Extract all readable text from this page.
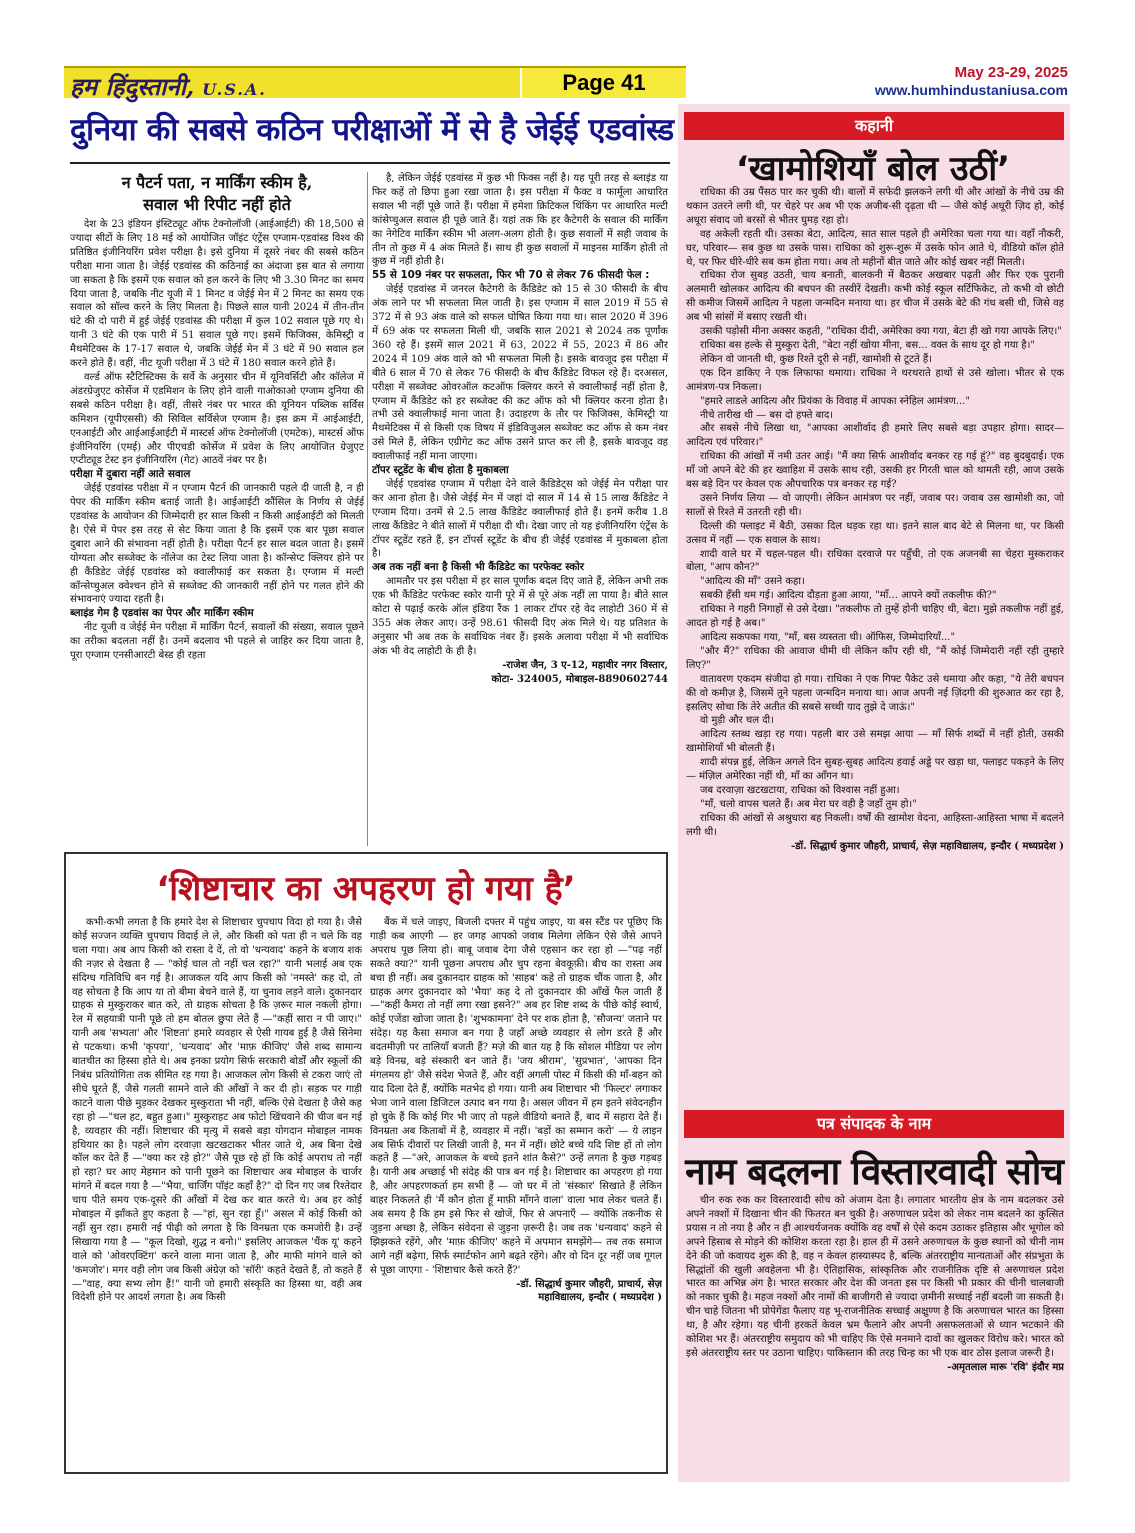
हम हिंदुस्तानी, U.S.A.	Page 41	May 23-29, 2025
www.humhindustaniusa.com
दुनिया की सबसे कठिन परीक्षाओं में से है जेईई एडवांस्ड
न पैटर्न पता, न मार्किंग स्कीम है,
सवाल भी रिपीट नहीं होते

देश के 23 इंडियन इंस्टिट्यूट ऑफ टेक्नोलॉजी (आईआईटी) की 18,500 से ज्यादा सीटों के लिए 18 मई को आयोजित जॉइंट एंट्रेंस एग्जाम-एडवांस्ड विश्व की प्रतिष्ठित इंजीनियरिंग प्रवेश परीक्षा है। इसे दुनिया में दूसरे नंबर की सबसे कठिन परीक्षा माना जाता है। जेईई एडवांस्ड की कठिनाई का अंदाजा इस बात से लगाया जा सकता है कि इसमें एक सवाल को हल करने के लिए भी 3.30 मिनट का समय दिया जाता है, जबकि नीट यूजी में 1 मिनट व जेईई मेन में 2 मिनट का समय एक सवाल को सॉल्व करने के लिए मिलता है। पिछले साल यानी 2024 में तीन-तीन घंटे की दो पारी में हुई जेईई एडवांस्ड की परीक्षा में कुल 102 सवाल पूछे गए थे। यानी 3 घंटे की एक पारी में 51 सवाल पूछे गए। इसमें फिजिक्स, केमिस्ट्री व मैथमेटिक्स के 17-17 सवाल थे, जबकि जेईई मेन में 3 घंटे में 90 सवाल हल करने होते हैं। वहीं, नीट यूजी परीक्षा में 3 घंटे में 180 सवाल करने होते हैं।

वर्ल्ड ऑफ स्टैटिस्टिक्स के सर्वे के अनुसार चीन में यूनिवर्सिटी और कॉलेज में अंडरग्रेजुएट कोर्सेज में एडमिशन के लिए होने वाली गाओकाओ एग्जाम दुनिया की सबसे कठिन परीक्षा है। वहीं, तीसरे नंबर पर भारत की यूनियन पब्लिक सर्विस कमिशन (यूपीएससी) की सिविल सर्विसेज एग्जाम है। इस क्रम में आईआईटी, एनआईटी और आईआईआईटी में मास्टर्स ऑफ टेक्नोलॉजी (एमटेक), मास्टर्स ऑफ इंजीनियरिंग (एमई) और पीएचडी कोर्सेज में प्रवेश के लिए आयोजित ग्रेजुएट एप्टीट्यूड टेस्ट इन इंजीनियरिंग (गेट) आठवें नंबर पर है।

परीक्षा में दुबारा नहीं आते सवाल

जेईई एडवांस्ड परीक्षा में न एग्जाम पैटर्न की जानकारी पहले दी जाती है, न ही पेपर की मार्किंग स्कीम बताई जाती है। आईआईटी कौंसिल के निर्णय से जेईई एडवांस्ड के आयोजन की जिम्मेदारी हर साल किसी न किसी आईआईटी को मिलती है। ऐसे में पेपर इस तरह से सेट किया जाता है कि इसमें एक बार पूछा सवाल दुबारा आने की संभावना नहीं होती है। परीक्षा पैटर्न हर साल बदल जाता है। इसमें योग्यता और सब्जेक्ट के नॉलेज का टेस्ट लिया जाता है। कॉन्सेप्ट क्लियर होने पर ही कैंडिडेट जेईई एडवांस्ड को क्वालीफाई कर सकता है। एग्जाम में मल्टी कॉन्सेप्चुअल क्वेश्चन होने से सब्जेक्ट की जानकारी नहीं होने पर गलत होने की संभावनाएं ज्यादा रहती है।

ब्लाइंड गेम है एडवांस का पेपर और मार्किंग स्कीम

नीट यूजी व जेईई मेन परीक्षा में मार्किंग पैटर्न, सवालों की संख्या, सवाल पूछने का तरीका बदलता नहीं है। उनमें बदलाव भी पहले से जाहिर कर दिया जाता है, पूरा एग्जाम एनसीआरटी बेस्ड ही रहता

है, लेकिन जेईई एडवांस्ड में कुछ भी फिक्स नहीं है। यह पूरी तरह से ब्लाइंड या फिर कहें तो छिपा हुआ रखा जाता है। इस परीक्षा में फैक्ट व फार्मूला आधारित सवाल भी नहीं पूछे जाते हैं। परीक्षा में हमेशा क्रिटिकल थिंकिंग पर आधारित मल्टी कांसेप्चुअल सवाल ही पूछे जाते हैं। यहां तक कि हर कैटेगरी के सवाल की मार्किंग का नेगेटिव मार्किंग स्कीम भी अलग-अलग होती है। कुछ सवालों में सही जवाब के तीन तो कुछ में 4 अंक मिलते हैं। साथ ही कुछ सवालों में माइनस मार्किंग होती तो कुछ में नहीं होती है।

55 से 109 नंबर पर सफलता, फिर भी 70 से लेकर 76 फीसदी फेल :

जेईई एडवांस्ड में जनरल कैटेगरी के कैंडिडेट को 15 से 30 फीसदी के बीच अंक लाने पर भी सफलता मिल जाती है। इस एग्जाम में साल 2019 में 55 से 372 में से 93 अंक वाले को सफल घोषित किया गया था। साल 2020 में 396 में 69 अंक पर सफलता मिली थी, जबकि साल 2021 से 2024 तक पूर्णांक 360 रहे हैं। इसमें साल 2021 में 63, 2022 में 55, 2023 में 86 और 2024 में 109 अंक वाले को भी सफलता मिली है। इसके बावजूद इस परीक्षा में बीते 6 साल में 70 से लेकर 76 फीसदी के बीच कैंडिडेट विफल रहे हैं। दरअसल, परीक्षा में सब्जेक्ट ओवरऑल कटऑफ क्लियर करने से क्वालीफाई नहीं होता है, एग्जाम में कैंडिडेट को हर सब्जेक्ट की कट ऑफ को भी क्लियर करना होता है। तभी उसे क्वालीफाई माना जाता है। उदाहरण के तौर पर फिजिक्स, केमिस्ट्री या मैथमेटिक्स में से किसी एक विषय में इंडिविजुअल सब्जेक्ट कट ऑफ से कम नंबर उसे मिले हैं, लेकिन एग्रीगेट कट ऑफ उसने प्राप्त कर ली है, इसके बावजूद वह क्वालीफाई नहीं माना जाएगा।

टॉपर स्टूडेंट के बीच होता है मुकाबला

जेईई एडवांस्ड एग्जाम में परीक्षा देने वाले कैंडिडेट्स को जेईई मेन परीक्षा पार कर आना होता है। जैसे जेईई मेन में जहां दो साल में 14 से 15 लाख कैंडिडेट ने एग्जाम दिया। उनमें से 2.5 लाख कैंडिडेट क्वालीफाई होते हैं। इनमें करीब 1.8 लाख कैंडिडेट ने बीते सालों में परीक्षा दी थी। देखा जाए तो यह इंजीनियरिंग एंट्रेंस के टॉपर स्टूडेंट रहते हैं, इन टॉपर्स स्टूडेंट के बीच ही जेईई एडवांस्ड में मुकाबला होता है।

अब तक नहीं बना है किसी भी कैंडिडेट का परफेक्ट स्कोर

आमतौर पर इस परीक्षा में हर साल पूर्णांक बदल दिए जाते हैं, लेकिन अभी तक एक भी कैंडिडेट परफेक्ट स्कोर यानी पूरे में से पूरे अंक नहीं ला पाया है। बीते साल कोटा से पढ़ाई करके ऑल इंडिया रैंक 1 लाकर टॉपर रहे वेद लाहोटी 360 में से 355 अंक लेकर आए। उन्हें 98.61 फीसदी दिए अंक मिले थे। यह प्रतिशत के अनुसार भी अब तक के सर्वाधिक नंबर हैं। इसके अलावा परीक्षा में भी सर्वाधिक अंक भी वेद लाहोटी के ही है।

-राजेश जैन, 3 ए-12, महावीर नगर विस्तार,

कोटा- 324005, मोबाइल-8890602744

‘शिष्टाचार का अपहरण हो गया है’

कभी-कभी लगता है कि हमारे देश से शिष्टाचार चुपचाप विदा हो गया है। जैसे कोई सज्जन व्यक्ति चुपचाप विदाई ले ले, और किसी को पता ही न चले कि वह चला गया। अब आप किसी को रास्ता दे दें, तो वो 'धन्यवाद' कहने के बजाय शक की नज़र से देखता है — "कोई चाल तो नहीं चल रहा?" यानी भलाई अब एक संदिग्ध गतिविधि बन गई है। आजकल यदि आप किसी को 'नमस्ते' कह दो, तो वह सोचता है कि आप या तो बीमा बेचने वाले हैं, या चुनाव लड़ने वाले। दुकानदार ग्राहक से मुस्कुराकर बात करे, तो ग्राहक सोचता है कि ज़रूर माल नकली होगा। रेल में सहयात्री पानी पूछे तो हम बोतल छुपा लेते हैं —"कहीं सारा न पी जाए।" यानी अब 'सभ्यता' और 'शिष्टता' हमारे व्यवहार से ऐसी गायब हुई है जैसे सिनेमा से पटकथा। कभी 'कृपया', 'धन्यवाद' और 'माफ़ कीजिए' जैसे शब्द सामान्य बातचीत का हिस्सा होते थे। अब इनका प्रयोग सिर्फ सरकारी बोर्डों और स्कूलों की निबंध प्रतियोगिता तक सीमित रह गया है। आजकल लोग किसी से टकरा जाएं तो सीधे घूरते हैं, जैसे गलती सामने वाले की आँखों ने कर दी हो। सड़क पर गाड़ी काटने वाला पीछे मुड़कर देखकर मुस्कुराता भी नहीं, बल्कि ऐसे देखता है जैसे कह रहा हो —"चल हट, बहुत हुआ।" मुस्कुराहट अब फोटो खिंचवाने की चीज बन गई है, व्यवहार की नहीं। शिष्टाचार की मृत्यु में सबसे बड़ा योगदान मोबाइल नामक हथियार का है। पहले लोग दरवाज़ा खटखटाकर भीतर जाते थे, अब बिना देखे कॉल कर देते हैं —"क्या कर रहे हो?" जैसे पूछ रहे हों कि कोई अपराध तो नहीं हो रहा? घर आए मेहमान को पानी पूछने का शिष्टाचार अब मोबाइल के चार्जर मांगने में बदल गया है —"भैया, चार्जिंग पॉइंट कहाँ है?" दो दिन गए जब रिश्तेदार चाय पीते समय एक-दूसरे की आँखों में देख कर बात करते थे। अब हर कोई मोबाइल में झाँकते हुए कहता है —"हां, सुन रहा हूँ।" असल में कोई किसी को नहीं सुन रहा। हमारी नई पीढ़ी को लगता है कि विनम्रता एक कमजोरी है। उन्हें सिखाया गया है — "कूल दिखो, शुद्ध न बनो।" इसलिए आजकल 'थैंक यू' कहने वाले को 'ओवरएक्टिंग' करने वाला माना जाता है, और माफी मांगने वाले को 'कमजोर'। मगर वही लोग जब किसी अंग्रेज़ को 'सॉरी' कहते देखते हैं, तो कहते हैं —"वाह, क्या सभ्य लोग हैं!" यानी जो हमारी संस्कृति का हिस्सा था, वही अब विदेशी होने पर आदर्श लगता है। अब किसी

बैंक में चले जाइए, बिजली दफ्तर में पहुंच जाइए, या बस स्टैंड पर पूछिए कि गाड़ी कब आएगी — हर जगह आपको जवाब मिलेगा लेकिन ऐसे जैसे आपने अपराध पूछ लिया हो। बाबू जवाब देगा जैसे एहसान कर रहा हो —"पढ़ नहीं सकते क्या?" यानी पूछना अपराध और चुप रहना बेवकूफ़ी। बीच का रास्ता अब बचा ही नहीं। अब दुकानदार ग्राहक को 'साहब' कहे तो ग्राहक चौंक जाता है, और ग्राहक अगर दुकानदार को 'भैया' कह दे तो दुकानदार की आँखें फैल जाती हैं —"कहीं कैमरा तो नहीं लगा रखा इसने?" अब हर शिष्ट शब्द के पीछे कोई स्वार्थ, कोई एजेंडा खोजा जाता है। 'शुभकामना' देने पर शक होता है, 'सौजन्य' जताने पर संदेह। यह कैसा समाज बन गया है जहाँ अच्छे व्यवहार से लोग डरते हैं और बदतमीज़ी पर तालियाँ बजती हैं? मज़े की बात यह है कि सोशल मीडिया पर लोग बड़े विनम्र, बड़े संस्कारी बन जाते हैं। 'जय श्रीराम', 'सुप्रभात', 'आपका दिन मंगलमय हो' जैसे संदेश भेजते हैं, और वहीं अगली पोस्ट में किसी की माँ-बहन को याद दिला देते हैं, क्योंकि मतभेद हो गया। यानी अब शिष्टाचार भी 'फिल्टर' लगाकर भेजा जाने वाला डिजिटल उत्पाद बन गया है। असल जीवन में हम इतने संवेदनहीन हो चुके हैं कि कोई गिर भी जाए तो पहले वीडियो बनाते हैं, बाद में सहारा देते हैं। विनम्रता अब किताबों में है, व्यवहार में नहीं। 'बड़ों का सम्मान करो' — ये लाइन अब सिर्फ दीवारों पर लिखी जाती है, मन में नहीं। छोटे बच्चे यदि शिष्ट हों तो लोग कहते हैं —"अरे, आजकल के बच्चे इतने शांत कैसे?" उन्हें लगता है कुछ गड़बड़ है। यानी अब अच्छाई भी संदेह की पात्र बन गई है। शिष्टाचार का अपहरण हो गया है, और अपहरणकर्ता हम सभी हैं — जो घर में तो 'संस्कार' सिखाते हैं लेकिन बाहर निकलते ही 'मैं कौन होता हूँ माफ़ी माँगने वाला' वाला भाव लेकर चलते हैं। अब समय है कि हम इसे फिर से खोजें, फिर से अपनाएँ — क्योंकि तकनीक से जुड़ना अच्छा है, लेकिन संवेदना से जुड़ना ज़रूरी है। जब तक 'धन्यवाद' कहने से झिझकते रहेंगे, और 'माफ़ कीजिए' कहने में अपमान समझेंगे— तब तक समाज आगे नहीं बढ़ेगा, सिर्फ स्मार्टफोन आगे बढ़ते रहेंगे। और वो दिन दूर नहीं जब गूगल से पूछा जाएगा - 'शिष्टाचार कैसे करते हैं?'

-डॉ. सिद्धार्थ कुमार जौहरी, प्राचार्य, सेज़

महाविद्यालय, इन्दौर ( मध्यप्रदेश )

कहानी
‘खामोशियाँ बोल उठीं’

राधिका की उम्र पैंसठ पार कर चुकी थी। बालों में सफेदी झलकने लगी थी और आंखों के नीचे उम्र की थकान उतरने लगी थी, पर चेहरे पर अब भी एक अजीब-सी दृढ़ता थी — जैसे कोई अधूरी ज़िद हो, कोई अधूरा संवाद जो बरसों से भीतर घुमड़ रहा हो।

वह अकेली रहती थी। उसका बेटा, आदित्य, सात साल पहले ही अमेरिका चला गया था। वहाँ नौकरी, घर, परिवार— सब कुछ था उसके पास। राधिका को शुरू-शुरू में उसके फोन आते थे, वीडियो कॉल होते थे, पर फिर धीरे-धीरे सब कम होता गया। अब तो महीनों बीत जाते और कोई खबर नहीं मिलती।

राधिका रोज सुबह उठती, चाय बनाती, बालकनी में बैठकर अखबार पढ़ती और फिर एक पुरानी अलमारी खोलकर आदित्य की बचपन की तस्वीरें देखती। कभी कोई स्कूल सर्टिफिकेट, तो कभी वो छोटी सी कमीज जिसमें आदित्य ने पहला जन्मदिन मनाया था। हर चीज में उसके बेटे की गंध बसी थी, जिसे वह अब भी सांसों में बसाए रखती थी।

उसकी पड़ोसी मीना अक्सर कहती, "राधिका दीदी, अमेरिका क्या गया, बेटा ही खो गया आपके लिए।"

राधिका बस हल्के से मुस्कुरा देती, "बेटा नहीं खोया मीना, बस... वक्त के साथ दूर हो गया है।"

लेकिन वो जानती थी, कुछ रिश्ते दूरी से नहीं, खामोशी से टूटते हैं।

एक दिन डाकिए ने एक लिफाफा थमाया। राधिका ने थरथराते हाथों से उसे खोला। भीतर से एक आमंत्रण-पत्र निकला।

"हमारे लाडले आदित्य और प्रियंका के विवाह में आपका स्नेहिल आमंत्रण..."

नीचे तारीख थी — बस दो हफ्ते बाद।

और सबसे नीचे लिखा था, "आपका आशीर्वाद ही हमारे लिए सबसे बड़ा उपहार होगा। सादर— आदित्य एवं परिवार।"

राधिका की आंखों में नमी उतर आई। "मैं क्या सिर्फ आशीर्वाद बनकर रह गई हूं?" वह बुदबुदाई। एक माँ जो अपने बेटे की हर ख्वाहिश में उसके साथ रही, उसकी हर गिरती चाल को थामती रही, आज उसके बस बड़े दिन पर केवल एक औपचारिक पत्र बनकर रह गई?

उसने निर्णय लिया — वो जाएगी। लेकिन आमंत्रण पर नहीं, जवाब पर। जवाब उस खामोशी का, जो सालों से रिश्ते में उतरती रही थी।

दिल्ली की फ्लाइट में बैठी, उसका दिल धड़क रहा था। इतने साल बाद बेटे से मिलना था, पर किसी उत्सव में नहीं — एक सवाल के साथ।

शादी वाले घर में चहल-पहल थी। राधिका दरवाजे पर पहुँची, तो एक अजनबी सा चेहरा मुस्कराकर बोला, "आप कौन?"

"आदित्य की माँ" उसने कहा।

सबकी हँसी थम गई। आदित्य दौड़ता हुआ आया, "माँ... आपने क्यों तकलीफ की?"

राधिका ने गहरी निगाहों से उसे देखा। "तकलीफ तो तुम्हें होनी चाहिए थी, बेटा। मुझे तकलीफ नहीं हुई, आदत हो गई है अब।"

आदित्य सकपका गया, "माँ, बस व्यस्तता थी। ऑफिस, जिम्मेदारियाँ..."

"और मैं?" राधिका की आवाज धीमी थी लेकिन काँप रही थी, "मैं कोई जिम्मेदारी नहीं रही तुम्हारे लिए?"

वातावरण एकदम संजीदा हो गया। राधिका ने एक गिफ्ट पैकेट उसे थमाया और कहा, "ये तेरी बचपन की वो कमीज़ है, जिसमें तूने पहला जन्मदिन मनाया था। आज अपनी नई ज़िंदगी की शुरुआत कर रहा है, इसलिए सोचा कि तेरे अतीत की सबसे सच्ची याद तुझे दे जाऊं।"

वो मुड़ी और चल दी।

आदित्य स्तब्ध खड़ा रह गया। पहली बार उसे समझ आया — माँ सिर्फ शब्दों में नहीं होती, उसकी खामोशियाँ भी बोलती हैं।

शादी संपन्न हुई, लेकिन अगले दिन सुबह-सुबह आदित्य हवाई अड्डे पर खड़ा था, फ्लाइट पकड़ने के लिए — मंज़िल अमेरिका नहीं थी, माँ का आँगन था।

जब दरवाज़ा खटखटाया, राधिका को विश्वास नहीं हुआ।

"माँ, चलो वापस चलते हैं। अब मेरा घर वही है जहाँ तुम हो।"

राधिका की आंखों से अश्रुधारा बह निकली। वर्षों की खामोश वेदना, आहिस्ता-आहिस्ता भाषा में बदलने लगी थी।

-डॉ. सिद्धार्थ कुमार जौहरी, प्राचार्य, सेज़ महाविद्यालय, इन्दौर ( मध्यप्रदेश )

पत्र संपादक के नाम
नाम बदलना विस्तारवादी सोच

चीन रुक रुक कर विस्तारवादी सोच को अंजाम देता है। लगातार भारतीय क्षेत्र के नाम बदलकर उसे अपने नक्शों में दिखाना चीन की फितरत बन चुकी है। अरुणाचल प्रदेश को लेकर नाम बदलने का कुत्सित प्रयास न तो नया है और न ही आश्चर्यजनक क्योंकि वह वर्षों से ऐसे कदम उठाकर इतिहास और भूगोल को अपने हिसाब से मोड़ने की कोशिश करता रहा है। हाल ही में उसने अरुणाचल के कुछ स्थानों को चीनी नाम देने की जो कवायद शुरू की है, वह न केवल हास्यास्पद है, बल्कि अंतरराष्ट्रीय मान्यताओं और संप्रभुता के सिद्धांतों की खुली अवहेलना भी है। ऐतिहासिक, सांस्कृतिक और राजनीतिक दृष्टि से अरुणाचल प्रदेश भारत का अभिन्न अंग है। भारत सरकार और देश की जनता इस पर किसी भी प्रकार की चीनी चालबाजी को नकार चुकी है। महज नक्शों और नामों की बाजीगरी से ज्यादा ज़मीनी सच्चाई नहीं बदली जा सकती है। चीन चाहे जितना भी प्रोपेगेंडा फैलाए यह भू-राजनीतिक सच्चाई अक्षुण्ण है कि अरुणाचल भारत का हिस्सा था, है और रहेगा। यह चीनी हरकतें केवल भ्रम फैलाने और अपनी असफलताओं से ध्यान भटकाने की कोशिश भर हैं। अंतरराष्ट्रीय समुदाय को भी चाहिए कि ऐसे मनमाने दावों का खुलकर विरोध करे। भारत को इसे अंतरराष्ट्रीय स्तर पर उठाना चाहिए। पाकिस्तान की तरह चिन्ह का भी एक बार ठोस इलाज जरूरी है।

-अमृतलाल मारू 'रवि' इंदौर मप्र
